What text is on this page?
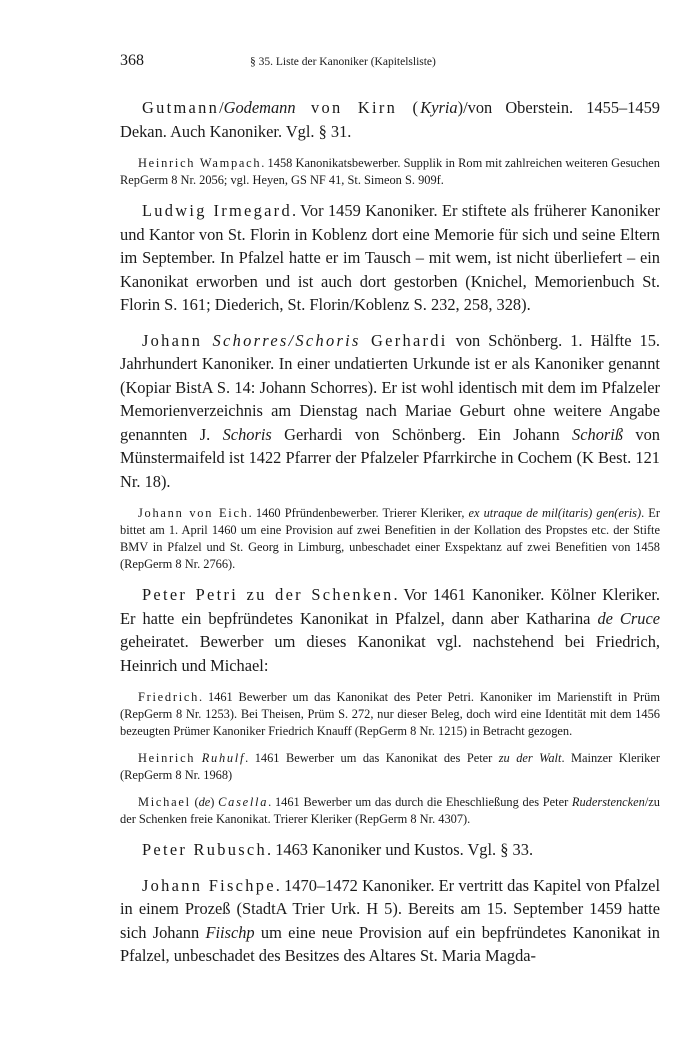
368	§ 35. Liste der Kanoniker (Kapitelsliste)

Gutmann/Godemann von Kirn (Kyria)/von Oberstein. 1455–1459 Dekan. Auch Kanoniker. Vgl. § 31.

Heinrich Wampach. 1458 Kanonikatsbewerber. Supplik in Rom mit zahlreichen weiteren Gesuchen RepGerm 8 Nr. 2056; vgl. Heyen, GS NF 41, St. Simeon S. 909f.

Ludwig Irmegard. Vor 1459 Kanoniker. Er stiftete als früherer Kanoniker und Kantor von St. Florin in Koblenz dort eine Memorie für sich und seine Eltern im September. In Pfalzel hatte er im Tausch – mit wem, ist nicht überliefert – ein Kanonikat erworben und ist auch dort gestorben (Knichel, Memorienbuch St. Florin S. 161; Diederich, St. Florin/Koblenz S. 232, 258, 328).

Johann Schorres/Schoris Gerhardi von Schönberg. 1. Hälfte 15. Jahrhundert Kanoniker. In einer undatierten Urkunde ist er als Kanoniker genannt (Kopiar BistA S. 14: Johann Schorres). Er ist wohl identisch mit dem im Pfalzeler Memorienverzeichnis am Dienstag nach Mariae Geburt ohne weitere Angabe genannten J. Schoris Gerhardi von Schönberg. Ein Johann Schoriß von Münstermaifeld ist 1422 Pfarrer der Pfalzeler Pfarrkirche in Cochem (K Best. 121 Nr. 18).

Johann von Eich. 1460 Pfründenbewerber. Trierer Kleriker, ex utraque de mil(itaris) gen(eris). Er bittet am 1. April 1460 um eine Provision auf zwei Benefitien in der Kollation des Propstes etc. der Stifte BMV in Pfalzel und St. Georg in Limburg, unbeschadet einer Exspektanz auf zwei Benefitien von 1458 (RepGerm 8 Nr. 2766).

Peter Petri zu der Schenken. Vor 1461 Kanoniker. Kölner Kleriker. Er hatte ein bepfründetes Kanonikat in Pfalzel, dann aber Katharina de Cruce geheiratet. Bewerber um dieses Kanonikat vgl. nachstehend bei Friedrich, Heinrich und Michael:

Friedrich. 1461 Bewerber um das Kanonikat des Peter Petri. Kanoniker im Marienstift in Prüm (RepGerm 8 Nr. 1253). Bei Theisen, Prüm S. 272, nur dieser Beleg, doch wird eine Identität mit dem 1456 bezeugten Prümer Kanoniker Friedrich Knauff (RepGerm 8 Nr. 1215) in Betracht gezogen.

Heinrich Ruhulf. 1461 Bewerber um das Kanonikat des Peter zu der Walt. Mainzer Kleriker (RepGerm 8 Nr. 1968)

Michael (de) Casella. 1461 Bewerber um das durch die Eheschließung des Peter Ruderstencken/zu der Schenken freie Kanonikat. Trierer Kleriker (RepGerm 8 Nr. 4307).

Peter Rubusch. 1463 Kanoniker und Kustos. Vgl. § 33.

Johann Fischpe. 1470–1472 Kanoniker. Er vertritt das Kapitel von Pfalzel in einem Prozeß (StadtA Trier Urk. H 5). Bereits am 15. September 1459 hatte sich Johann Fiischp um eine neue Provision auf ein bepfründetes Kanonikat in Pfalzel, unbeschadet des Besitzes des Altares St. Maria Magda-
